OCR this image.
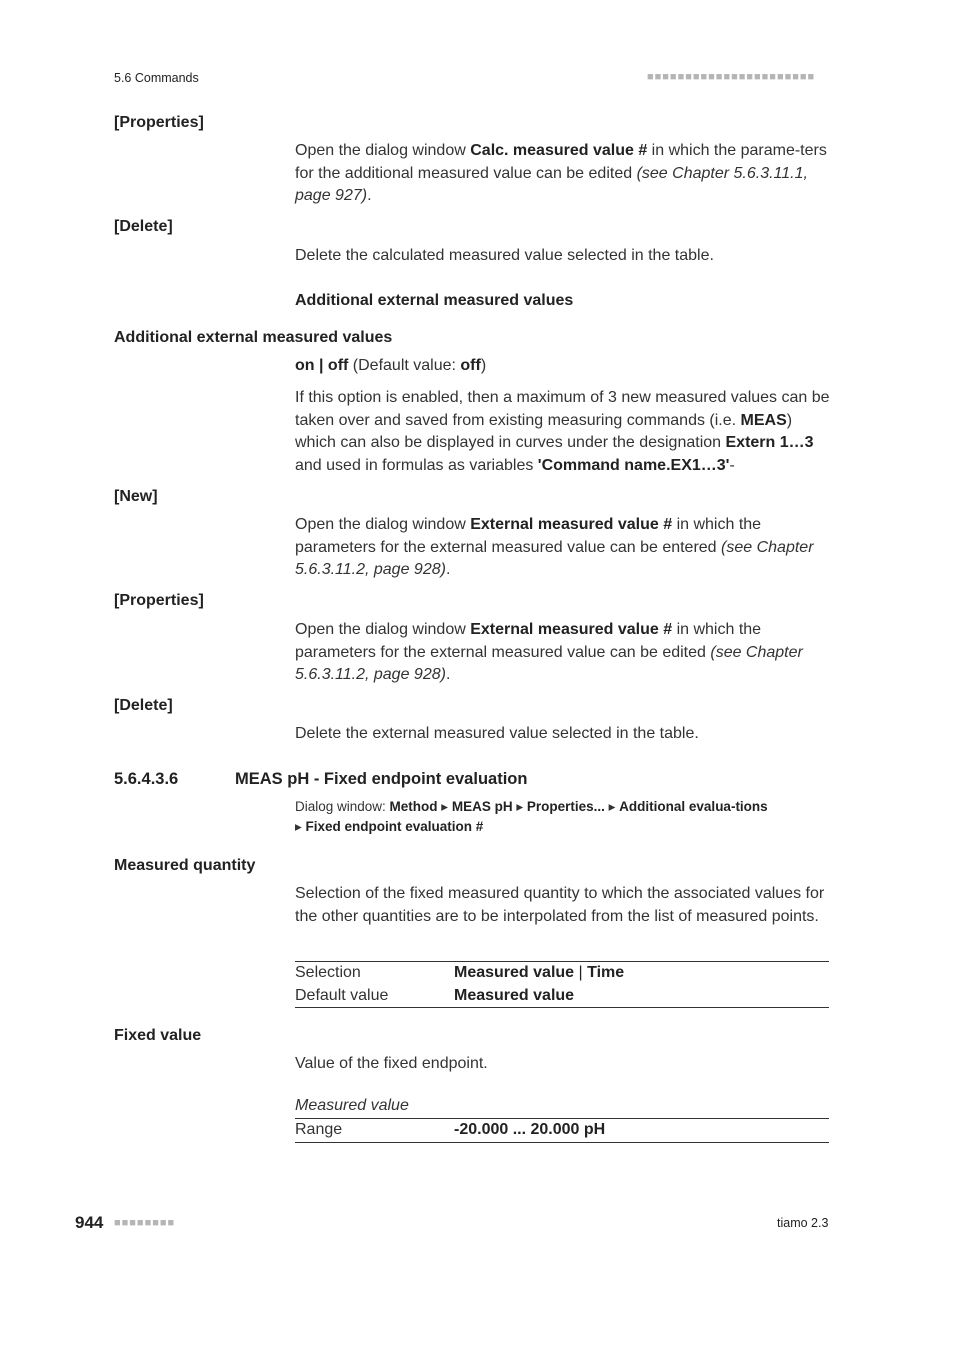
5.6 Commands	■■■■■■■■■■■■■■■■■■■■■■
[Properties]
Open the dialog window Calc. measured value # in which the parame-ters for the additional measured value can be edited (see Chapter 5.6.3.11.1, page 927).
[Delete]
Delete the calculated measured value selected in the table.
Additional external measured values
Additional external measured values
on | off (Default value: off)
If this option is enabled, then a maximum of 3 new measured values can be taken over and saved from existing measuring commands (i.e. MEAS) which can also be displayed in curves under the designation Extern 1…3 and used in formulas as variables 'Command name.EX1…3'-
[New]
Open the dialog window External measured value # in which the parameters for the external measured value can be entered (see Chapter 5.6.3.11.2, page 928).
[Properties]
Open the dialog window External measured value # in which the parameters for the external measured value can be edited (see Chapter 5.6.3.11.2, page 928).
[Delete]
Delete the external measured value selected in the table.
5.6.4.3.6	MEAS pH - Fixed endpoint evaluation
Dialog window: Method ▸ MEAS pH ▸ Properties... ▸ Additional evalua-tions ▸ Fixed endpoint evaluation #
Measured quantity
Selection of the fixed measured quantity to which the associated values for the other quantities are to be interpolated from the list of measured points.
Selection	Measured value | Time
Default value	Measured value
Fixed value
Value of the fixed endpoint.
Measured value
Range	-20.000 ... 20.000 pH
944 ■■■■■■■■	tiamo 2.3
